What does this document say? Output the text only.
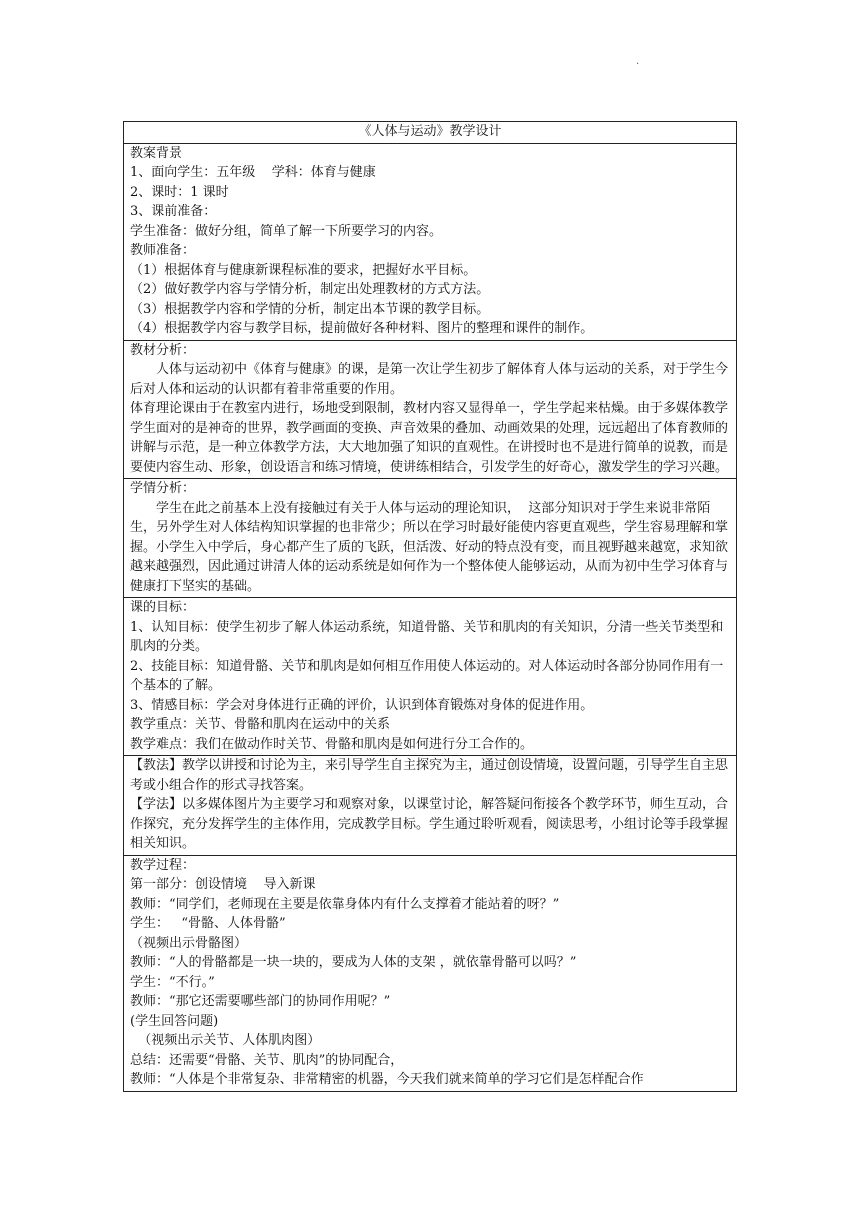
.
《人体与运动》教学设计

教案背景
1、面向学生：五年级    学科：体育与健康
2、课时：1 课时
3、课前准备：
学生准备：做好分组，简单了解一下所要学习的内容。
教师准备：
（1）根据体育与健康新课程标准的要求，把握好水平目标。
（2）做好教学内容与学情分析，制定出处理教材的方式方法。
（3）根据教学内容和学情的分析，制定出本节课的教学目标。
（4）根据教学内容与教学目标，提前做好各种材料、图片的整理和课件的制作。

教材分析：
人体与运动初中《体育与健康》的课，是第一次让学生初步了解体育人体与运动的关系，对于学生今后对人体和运动的认识都有着非常重要的作用。
体育理论课由于在教室内进行，场地受到限制，教材内容又显得单一，学生学起来枯燥。由于多媒体教学学生面对的是神奇的世界，教学画面的变换、声音效果的叠加、动画效果的处理，远远超出了体育教师的讲解与示范，是一种立体教学方法，大大地加强了知识的直观性。在讲授时也不是进行简单的说教，而是要使内容生动、形象，创设语言和练习情境，使讲练相结合，引发学生的好奇心，激发学生的学习兴趣。

学情分析：
学生在此之前基本上没有接触过有关于人体与运动的理论知识，  这部分知识对于学生来说非常陌生，另外学生对人体结构知识掌握的也非常少；所以在学习时最好能使内容更直观些，学生容易理解和掌握。小学生入中学后，身心都产生了质的飞跃，但活泼、好动的特点没有变，而且视野越来越宽，求知欲越来越强烈，因此通过讲清人体的运动系统是如何作为一个整体使人能够运动，从而为初中生学习体育与健康打下坚实的基础。

课的目标：
1、认知目标：使学生初步了解人体运动系统，知道骨骼、关节和肌肉的有关知识，分清一些关节类型和肌肉的分类。
2、技能目标：知道骨骼、关节和肌肉是如何相互作用使人体运动的。对人体运动时各部分协同作用有一个基本的了解。
3、情感目标：学会对身体进行正确的评价，认识到体育锻炼对身体的促进作用。
教学重点：关节、骨骼和肌肉在运动中的关系
教学难点：我们在做动作时关节、骨骼和肌肉是如何进行分工合作的。

【教法】教学以讲授和讨论为主，来引导学生自主探究为主，通过创设情境，设置问题，引导学生自主思考或小组合作的形式寻找答案。
【学法】以多媒体图片为主要学习和观察对象，以课堂讨论，解答疑问衔接各个教学环节，师生互动，合作探究，充分发挥学生的主体作用，完成教学目标。学生通过聆听观看，阅读思考，小组讨论等手段掌握相关知识。

教学过程：
第一部分：创设情境    导入新课
教师：“同学们，老师现在主要是依靠身体内有什么支撑着才能站着的呀？”
学生：   “骨骼、人体骨骼”
（视频出示骨骼图）
教师：“人的骨骼都是一块一块的，要成为人体的支架 ，就依靠骨骼可以吗？”
学生：“不行。”
教师：“那它还需要哪些部门的协同作用呢？”
(学生回答问题)
（视频出示关节、人体肌肉图）
总结：还需要“骨骼、关节、肌肉”的协同配合，
教师：“人体是个非常复杂、非常精密的机器，今天我们就来简单的学习它们是怎样配合作
